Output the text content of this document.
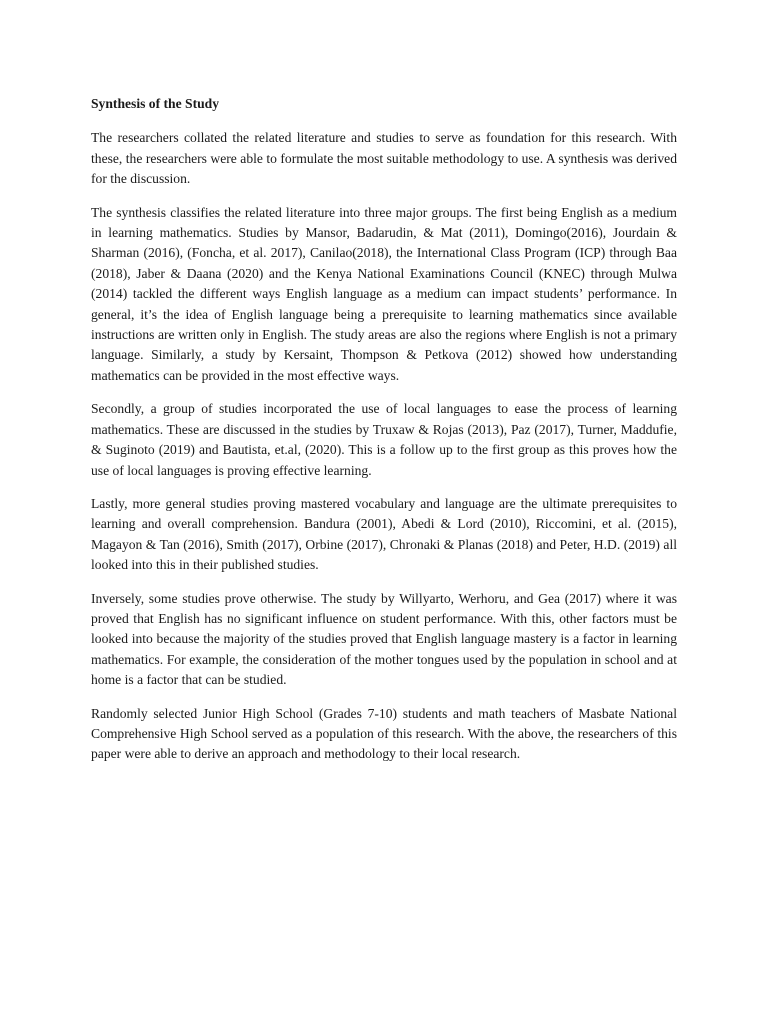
Synthesis of the Study

The researchers collated the related literature and studies to serve as foundation for this research. With these, the researchers were able to formulate the most suitable methodology to use. A synthesis was derived for the discussion.

The synthesis classifies the related literature into three major groups. The first being English as a medium in learning mathematics. Studies by Mansor, Badarudin, & Mat (2011), Domingo(2016), Jourdain & Sharman (2016), (Foncha, et al. 2017), Canilao(2018), the International Class Program (ICP) through Baa (2018), Jaber & Daana (2020) and the Kenya National Examinations Council (KNEC) through Mulwa (2014) tackled the different ways English language as a medium can impact students’ performance. In general, it’s the idea of English language being a prerequisite to learning mathematics since available instructions are written only in English. The study areas are also the regions where English is not a primary language. Similarly, a study by Kersaint, Thompson & Petkova (2012) showed how understanding mathematics can be provided in the most effective ways.

Secondly, a group of studies incorporated the use of local languages to ease the process of learning mathematics. These are discussed in the studies by Truxaw & Rojas (2013), Paz (2017), Turner, Maddufie, & Suginoto (2019) and Bautista, et.al, (2020). This is a follow up to the first group as this proves how the use of local languages is proving effective learning.

Lastly, more general studies proving mastered vocabulary and language are the ultimate prerequisites to learning and overall comprehension. Bandura (2001), Abedi & Lord (2010), Riccomini, et al. (2015), Magayon & Tan (2016), Smith (2017), Orbine (2017), Chronaki & Planas (2018) and Peter, H.D. (2019) all looked into this in their published studies.

Inversely, some studies prove otherwise. The study by Willyarto, Werhoru, and Gea (2017) where it was proved that English has no significant influence on student performance. With this, other factors must be looked into because the majority of the studies proved that English language mastery is a factor in learning mathematics. For example, the consideration of the mother tongues used by the population in school and at home is a factor that can be studied.

Randomly selected Junior High School (Grades 7-10) students and math teachers of Masbate National Comprehensive High School served as a population of this research. With the above, the researchers of this paper were able to derive an approach and methodology to their local research.
